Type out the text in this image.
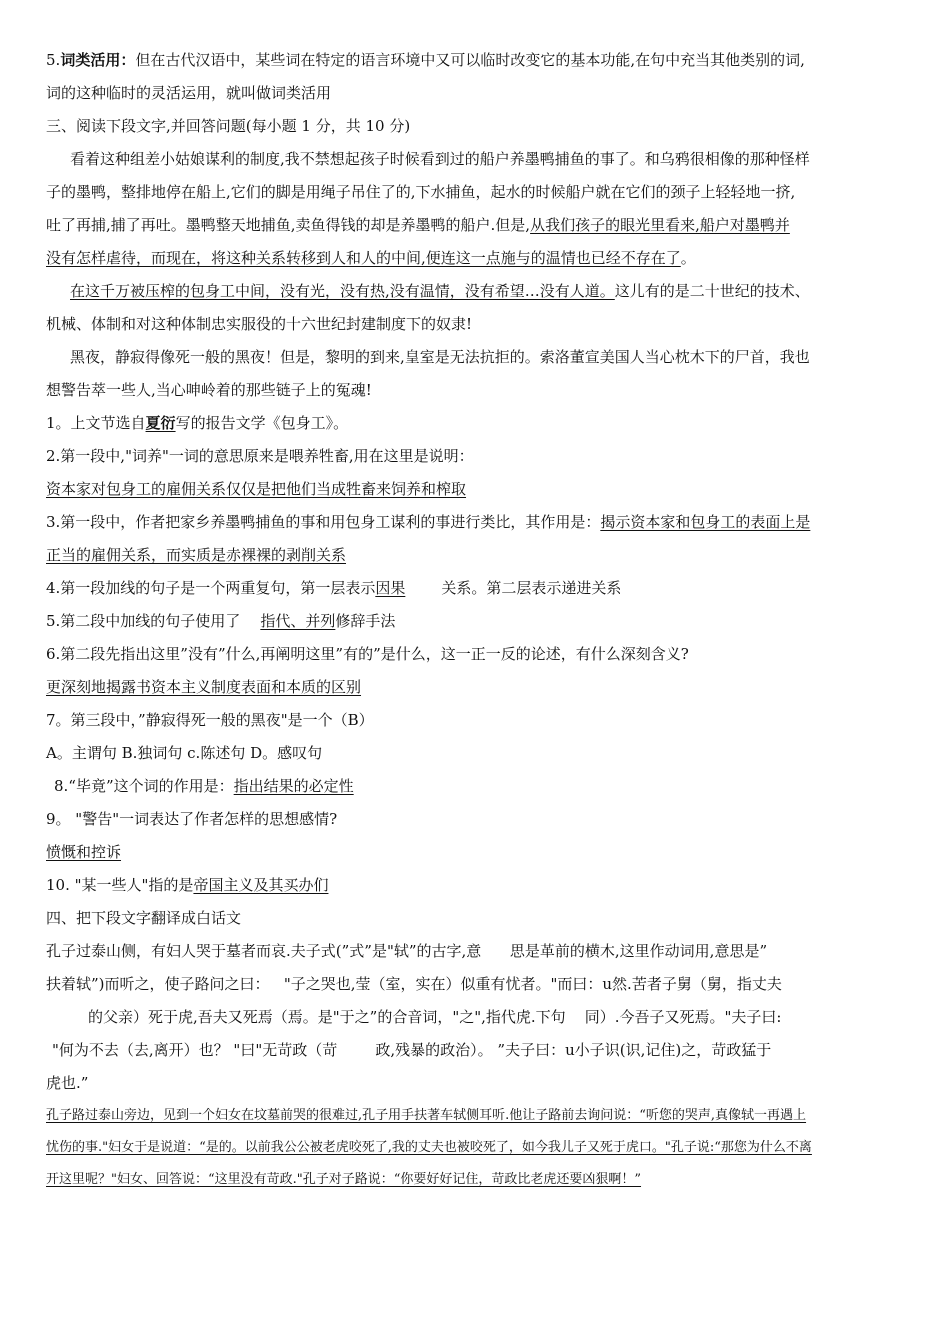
5.词类活用：但在古代汉语中，某些词在特定的语言环境中又可以临时改变它的基本功能,在句中充当其他类别的词,

词的这种临时的灵活运用，就叫做词类活用

三、阅读下段文字,并回答问题(每小题 1 分，共 10 分)

看着这种组差小姑娘谋利的制度,我不禁想起孩子时候看到过的船户养墨鸭捕鱼的事了。和乌鸦很相像的那种怪样

子的墨鸭，整排地停在船上,它们的脚是用绳子吊住了的,下水捕鱼，起水的时候船户就在它们的颈子上轻轻地一挤,

吐了再捕,捕了再吐。墨鸭整天地捕鱼,卖鱼得钱的却是养墨鸭的船户.但是,从我们孩子的眼光里看来,船户对墨鸭并

没有怎样虐待，而现在，将这种关系转移到人和人的中间,便连这一点施与的温情也已经不存在了。

在这千万被压榨的包身工中间，没有光，没有热,没有温情，没有希望…没有人道。这儿有的是二十世纪的技术、

机械、体制和对这种体制忠实服役的十六世纪封建制度下的奴隶!

黑夜，静寂得像死一般的黑夜！但是，黎明的到来,皇室是无法抗拒的。索洛董宣美国人当心枕木下的尸首，我也

想警告萃一些人,当心呻岭着的那些链子上的冤魂!

1。上文节选自夏衍写的报告文学《包身工》。

2.第一段中,"词养"一词的意思原来是喂养牲畜,用在这里是说明：

资本家对包身工的雇佣关系仅仅是把他们当成牲畜来饲养和榨取

3.第一段中，作者把家乡养墨鸭捕鱼的事和用包身工谋利的事进行类比，其作用是：揭示资本家和包身工的表面上是

正当的雇佣关系，而实质是赤裸裸的剥削关系

4.第一段加线的句子是一个两重复句，第一层表示因果 关系。第二层表示递进关系

5.第二段中加线的句子使用了 指代、并列修辞手法

6.第二段先指出这里”没有”什么,再阐明这里”有的”是什么，这一正一反的论述，有什么深刻含义?

更深刻地揭露书资本主义制度表面和本质的区别

7。第三段中，”静寂得死一般的黑夜"是一个（B）

A。主谓句 B.独词句 c.陈述句 D。感叹句

8.“毕竟”这个词的作用是：指出结果的必定性

9。 "警告"一词表达了作者怎样的思想感情?

愤慨和控诉

10. "某一些人"指的是帝国主义及其买办们

四、把下段文字翻译成白话文

孔子过泰山侧，有妇人哭于墓者而哀.夫子式(”式”是"轼”的古字,意      思是革前的横木,这里作动词用,意思是”

扶着轼”)而听之，使子路问之曰：   "子之哭也,莹（室，实在）似重有忧者。"而曰：u然.苦者子舅（舅，指丈夫

的父亲）死于虎,吾夫又死焉（焉。是"于之”的合音词，"之",指代虎.下句    同）.今吾子又死焉。"夫子曰:

"何为不去（去,离开）也？ "曰"无苛政（苛        政,残暴的政治）。 ”夫子曰：u小子识(识,记住)之，苛政猛于

虎也.”

孔子路过泰山旁边，见到一个妇女在坟墓前哭的很难过,孔子用手扶著车轼侧耳听.他让子路前去询问说：“听您的哭声,真像轼一再遇上

忧伤的事."妇女于是说道：“是的。以前我公公被老虎咬死了,我的丈夫也被咬死了，如今我儿子又死于虎口。"孔子说:“那您为什么不离

开这里呢？"妇女、回答说：“这里没有苛政."孔子对子路说：“你要好好记住，苛政比老虎还要凶狠啊！”
